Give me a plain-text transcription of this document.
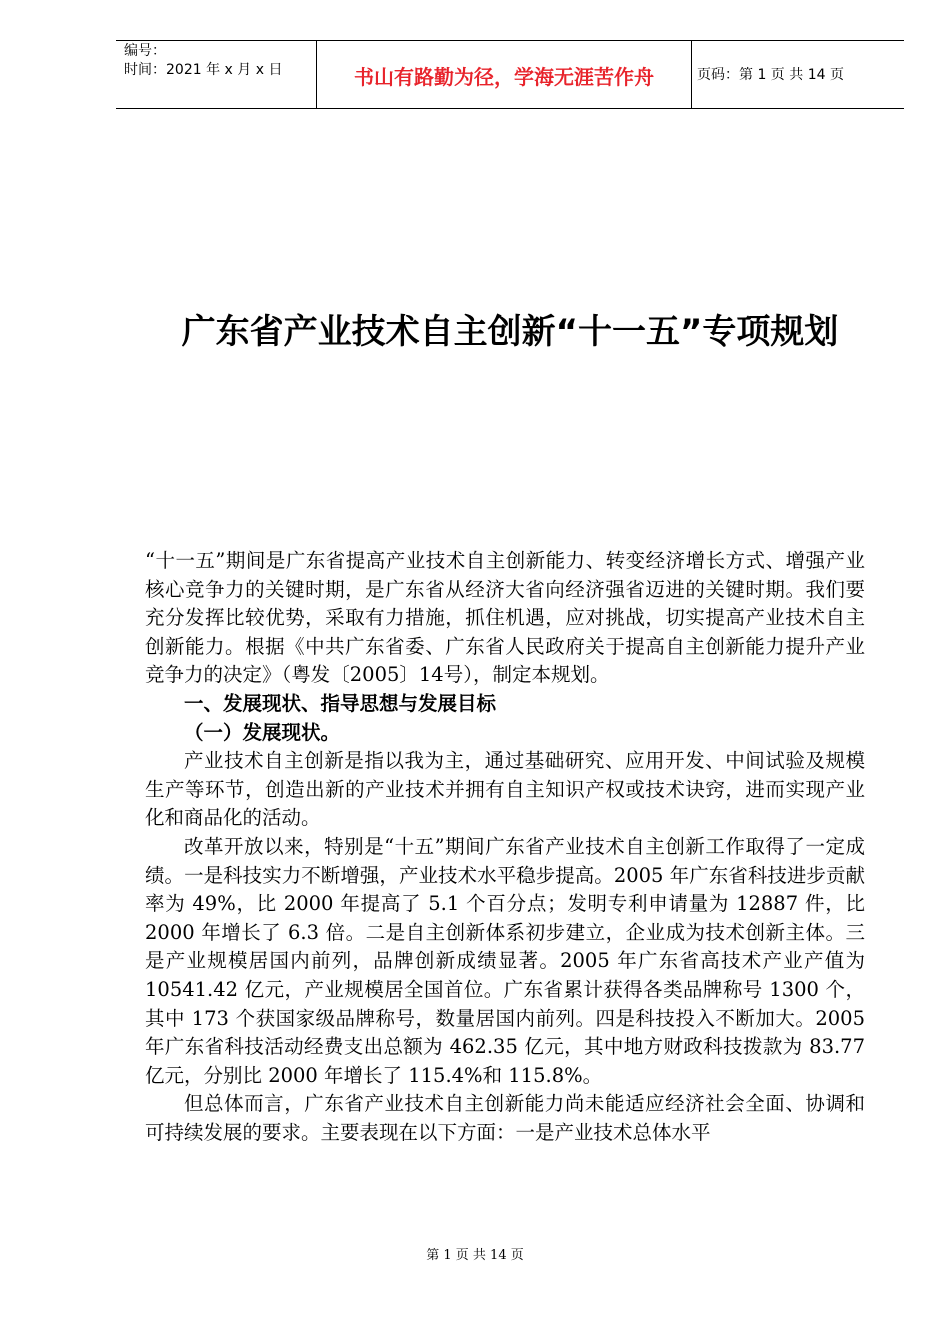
编号：
时间：2021 年 x 月 x 日	书山有路勤为径，学海无涯苦作舟	页码：第 1 页 共 14 页
广东省产业技术自主创新“十一五”专项规划

“十一五”期间是广东省提高产业技术自主创新能力、转变经济增长方式、增强产业核心竞争力的关键时期，是广东省从经济大省向经济强省迈进的关键时期。我们要充分发挥比较优势，采取有力措施，抓住机遇，应对挑战，切实提高产业技术自主创新能力。根据《中共广东省委、广东省人民政府关于提高自主创新能力提升产业竞争力的决定》（粤发〔2005〕14号），制定本规划。

一、发展现状、指导思想与发展目标

（一）发展现状。

产业技术自主创新是指以我为主，通过基础研究、应用开发、中间试验及规模生产等环节，创造出新的产业技术并拥有自主知识产权或技术诀窍，进而实现产业化和商品化的活动。

改革开放以来，特别是“十五”期间广东省产业技术自主创新工作取得了一定成绩。一是科技实力不断增强，产业技术水平稳步提高。2005 年广东省科技进步贡献率为 49%，比 2000 年提高了 5.1 个百分点；发明专利申请量为 12887 件，比 2000 年增长了 6.3 倍。二是自主创新体系初步建立，企业成为技术创新主体。三是产业规模居国内前列，品牌创新成绩显著。2005 年广东省高技术产业产值为 10541.42 亿元，产业规模居全国首位。广东省累计获得各类品牌称号 1300 个，其中 173 个获国家级品牌称号，数量居国内前列。四是科技投入不断加大。2005 年广东省科技活动经费支出总额为 462.35 亿元，其中地方财政科技拨款为 83.77 亿元，分别比 2000 年增长了 115.4%和 115.8%。

但总体而言，广东省产业技术自主创新能力尚未能适应经济社会全面、协调和可持续发展的要求。主要表现在以下方面：一是产业技术总体水平

第 1 页 共 14 页
